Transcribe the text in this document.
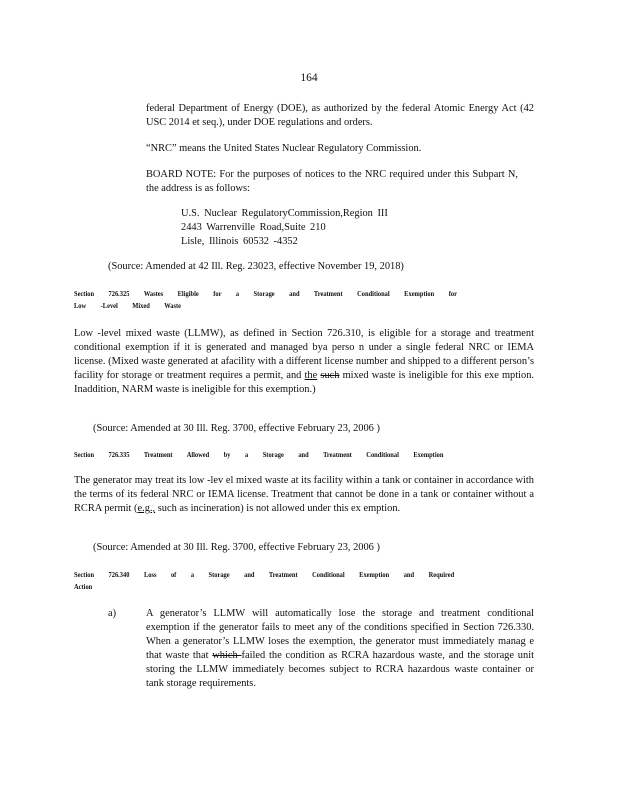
164

federal Department of Energy (DOE), as authorized by the federal Atomic Energy Act (42 USC 2014 et seq.), under DOE regulations and orders.

“NRC” means the United States Nuclear Regulatory Commission.

BOARD NOTE: For the purposes of notices to the NRC required under this Subpart N, the address is as follows:

U.S. Nuclear RegulatoryCommission,Region III
2443 Warrenville Road,Suite 210
Lisle, Illinois 60532 -4352
(Source: Amended at 42 Ill. Reg. 23023, effective November 19, 2018)
Section 726.325 Wastes Eligible for a Storage and Treatment Conditional Exemption for
Low -Level Mixed Waste

Low -level mixed waste (LLMW), as defined in Section 726.310, is eligible for a storage and treatment conditional exemption if it is generated and managed bya perso n under a single federal NRC or IEMA license. (Mixed waste generated at afacility with a different license number and shipped to a different person’s facility for storage or treatment requires a permit, and the such mixed waste is ineligible for this exe mption. Inaddition, NARM waste is ineligible for this exemption.)

(Source: Amended at 30 Ill. Reg. 3700, effective February 23, 2006 )
Section 726.335 Treatment Allowed by a Storage and Treatment Conditional Exemption

The generator may treat its low -lev el mixed waste at its facility within a tank or container in accordance with the terms of its federal NRC or IEMA license. Treatment that cannot be done in a tank or container without a RCRA permit (e.g., such as incineration) is not allowed under this ex emption.

(Source: Amended at 30 Ill. Reg. 3700, effective February 23, 2006 )
Section 726.340 Loss of a Storage and Treatment Conditional Exemption and Required
Action
a)	A generator’s LLMW will automatically lose the storage and treatment conditional exemption if the generator fails to meet any of the conditions specified in Section 726.330. When a generator’s LLMW loses the exemption, the generator must immediately manag e that waste that which failed the condition as RCRA hazardous waste, and the storage unit storing the LLMW immediately becomes subject to RCRA hazardous waste container or tank storage requirements.
